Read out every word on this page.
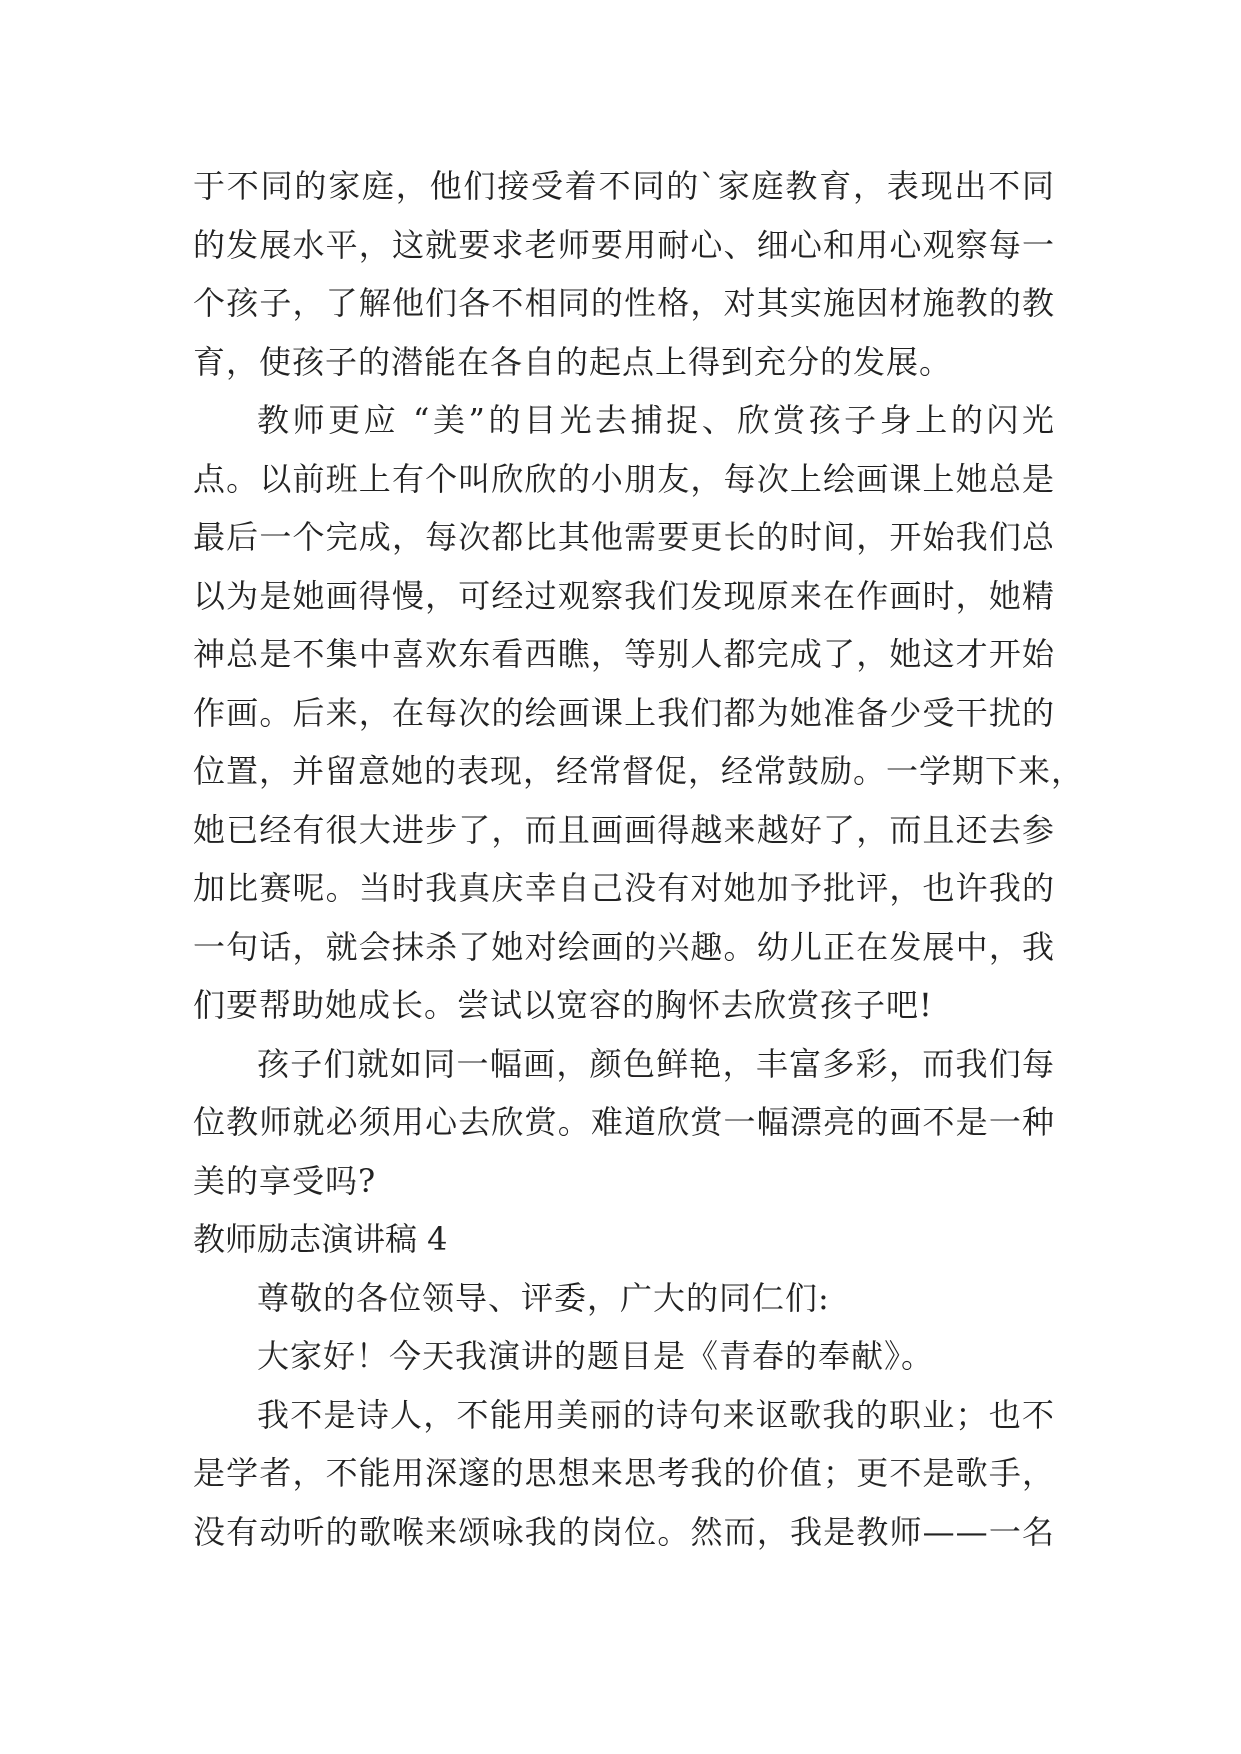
于不同的家庭，他们接受着不同的`家庭教育，表现出不同
的发展水平，这就要求老师要用耐心、细心和用心观察每一
个孩子，了解他们各不相同的性格，对其实施因材施教的教
育，使孩子的潜能在各自的起点上得到充分的发展。
教师更应 “美”的目光去捕捉、欣赏孩子身上的闪光
点。以前班上有个叫欣欣的小朋友，每次上绘画课上她总是
最后一个完成，每次都比其他需要更长的时间，开始我们总
以为是她画得慢，可经过观察我们发现原来在作画时，她精
神总是不集中喜欢东看西瞧，等别人都完成了，她这才开始
作画。后来，在每次的绘画课上我们都为她准备少受干扰的
位置，并留意她的表现，经常督促，经常鼓励。一学期下来，
她已经有很大进步了，而且画画得越来越好了，而且还去参
加比赛呢。当时我真庆幸自己没有对她加予批评，也许我的
一句话，就会抹杀了她对绘画的兴趣。幼儿正在发展中，我
们要帮助她成长。尝试以宽容的胸怀去欣赏孩子吧!
孩子们就如同一幅画，颜色鲜艳，丰富多彩，而我们每
位教师就必须用心去欣赏。难道欣赏一幅漂亮的画不是一种
美的享受吗?
教师励志演讲稿 4
尊敬的各位领导、评委，广大的同仁们:
大家好！今天我演讲的题目是《青春的奉献》。
我不是诗人，不能用美丽的诗句来讴歌我的职业；也不
是学者，不能用深邃的思想来思考我的价值；更不是歌手，
没有动听的歌喉来颂咏我的岗位。然而，我是教师——一名
